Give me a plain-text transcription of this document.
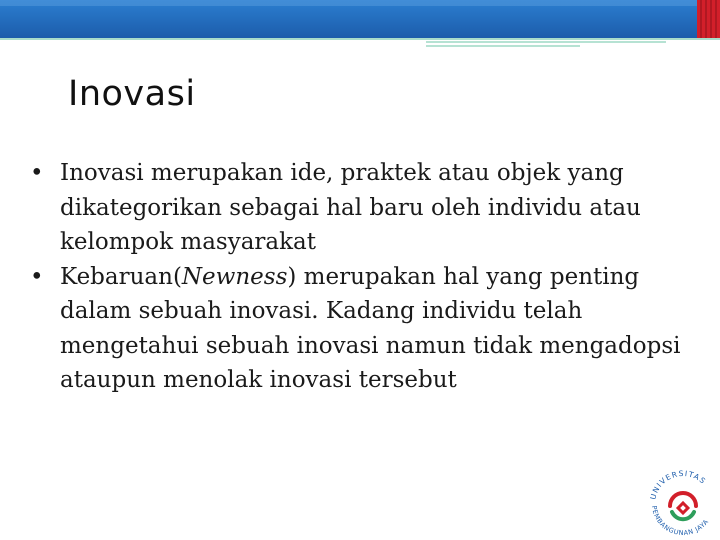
Inovasi
• Inovasi merupakan ide, praktek atau objek yang dikategorikan sebagai hal baru oleh individu atau kelompok masyarakat
• Kebaruan(Newness) merupakan hal yang penting dalam sebuah inovasi. Kadang individu telah mengetahui sebuah inovasi namun tidak mengadopsi ataupun menolak inovasi tersebut
UNIVERSITAS
PEMBANGUNAN JAYA
